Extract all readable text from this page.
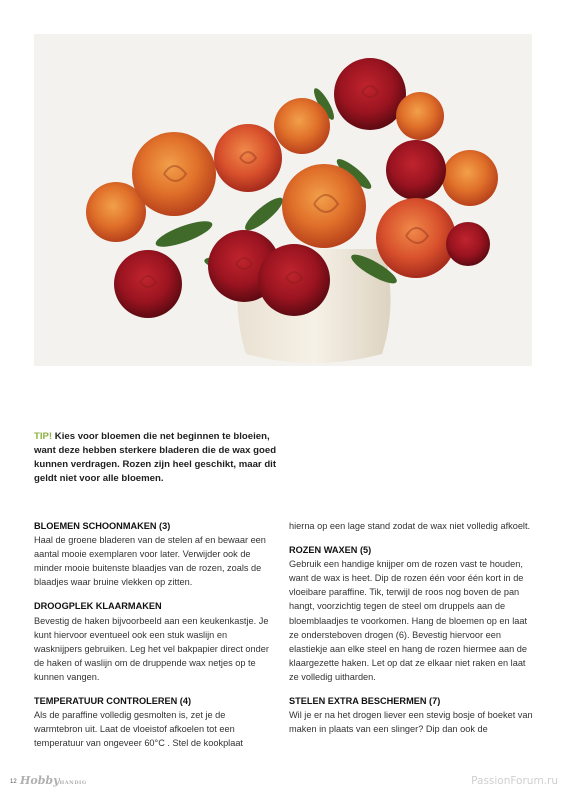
TIP! Kies voor bloemen die net beginnen te bloeien, want deze hebben sterkere bladeren die de wax goed kunnen verdragen. Rozen zijn heel geschikt, maar dit geldt niet voor alle bloemen.
BLOEMEN SCHOONMAKEN (3)

Haal de groene bladeren van de stelen af en bewaar een aantal mooie exemplaren voor later. Verwijder ook de minder mooie buitenste blaadjes van de rozen, zoals de blaadjes waar bruine vlekken op zitten.

DROOGPLEK KLAARMAKEN

Bevestig de haken bijvoorbeeld aan een keukenkastje. Je kunt hiervoor eventueel ook een stuk waslijn en wasknijpers gebruiken. Leg het vel bakpapier direct onder de haken of waslijn om de druppende wax netjes op te kunnen vangen.

TEMPERATUUR CONTROLEREN (4)

Als de paraffine volledig gesmolten is, zet je de warmtebron uit. Laat de vloeistof afkoelen tot een temperatuur van ongeveer 60°C . Stel de kookplaat

hierna op een lage stand zodat de wax niet volledig afkoelt.

ROZEN WAXEN (5)

Gebruik een handige knijper om de rozen vast te houden, want de wax is heet. Dip de rozen één voor één kort in de vloeibare paraffine. Tik, terwijl de roos nog boven de pan hangt, voorzichtig tegen de steel om druppels aan de bloemblaadjes te voorkomen. Hang de bloemen op en laat ze ondersteboven drogen (6). Bevestig hiervoor een elastiekje aan elke steel en hang de rozen hiermee aan de klaargezette haken. Let op dat ze elkaar niet raken en laat ze volledig uitharden.

STELEN EXTRA BESCHERMEN (7)

Wil je er na het drogen liever een stevig bosje of boeket van maken in plaats van een slinger? Dip dan ook de

12 HobbyHANDIG	PassionForum.ru
